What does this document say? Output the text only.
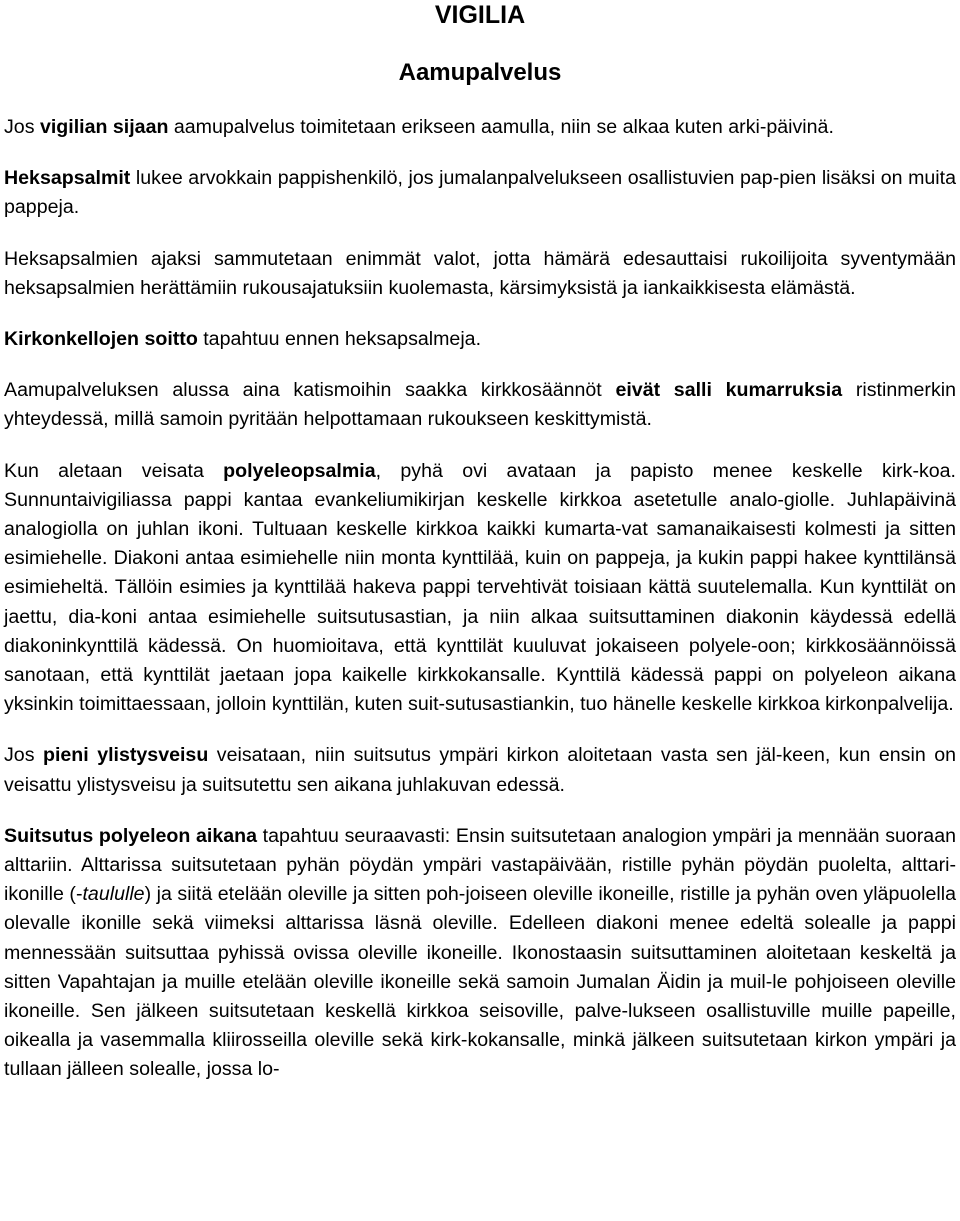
VIGILIA
Aamupalvelus

Jos vigilian sijaan aamupalvelus toimitetaan erikseen aamulla, niin se alkaa kuten arki-päivinä.

Heksapsalmit lukee arvokkain pappishenkilö, jos jumalanpalvelukseen osallistuvien pap-pien lisäksi on muita pappeja.

Heksapsalmien ajaksi sammutetaan enimmät valot, jotta hämärä edesauttaisi rukoilijoita syventymään heksapsalmien herättämiin rukousajatuksiin kuolemasta, kärsimyksistä ja iankaikkisesta elämästä.

Kirkonkellojen soitto tapahtuu ennen heksapsalmeja.

Aamupalveluksen alussa aina katismoihin saakka kirkkosäännöt eivät salli kumarruksia ristinmerkin yhteydessä, millä samoin pyritään helpottamaan rukoukseen keskittymistä.

Kun aletaan veisata polyeleopsalmia, pyhä ovi avataan ja papisto menee keskelle kirk-koa. Sunnuntaivigiliassa pappi kantaa evankeliumikirjan keskelle kirkkoa asetetulle analo-giolle. Juhlapäivinä analogiolla on juhlan ikoni. Tultuaan keskelle kirkkoa kaikki kumarta-vat samanaikaisesti kolmesti ja sitten esimiehelle. Diakoni antaa esimiehelle niin monta kynttilää, kuin on pappeja, ja kukin pappi hakee kynttilänsä esimieheltä. Tällöin esimies ja kynttilää hakeva pappi tervehtivät toisiaan kättä suutelemalla. Kun kynttilät on jaettu, dia-koni antaa esimiehelle suitsutusastian, ja niin alkaa suitsuttaminen diakonin käydessä edellä diakoninkynttilä kädessä. On huomioitava, että kynttilät kuuluvat jokaiseen polyele-oon; kirkkosäännöissä sanotaan, että kynttilät jaetaan jopa kaikelle kirkkokansalle. Kynttilä kädessä pappi on polyeleon aikana yksinkin toimittaessaan, jolloin kynttilän, kuten suit-sutusastiankin, tuo hänelle keskelle kirkkoa kirkonpalvelija.

Jos pieni ylistysveisu veisataan, niin suitsutus ympäri kirkon aloitetaan vasta sen jäl-keen, kun ensin on veisattu ylistysveisu ja suitsutettu sen aikana juhlakuvan edessä.

Suitsutus polyeleon aikana tapahtuu seuraavasti: Ensin suitsutetaan analogion ympäri ja mennään suoraan alttariin. Alttarissa suitsutetaan pyhän pöydän ympäri vastapäivään, ristille pyhän pöydän puolelta, alttari-ikonille (-taululle) ja siitä etelään oleville ja sitten poh-joiseen oleville ikoneille, ristille ja pyhän oven yläpuolella olevalle ikonille sekä viimeksi alttarissa läsnä oleville. Edelleen diakoni menee edeltä solealle ja pappi mennessään suitsuttaa pyhissä ovissa oleville ikoneille. Ikonostaasin suitsuttaminen aloitetaan keskeltä ja sitten Vapahtajan ja muille etelään oleville ikoneille sekä samoin Jumalan Äidin ja muil-le pohjoiseen oleville ikoneille. Sen jälkeen suitsutetaan keskellä kirkkoa seisoville, palve-lukseen osallistuville muille papeille, oikealla ja vasemmalla kliirosseilla oleville sekä kirk-kokansalle, minkä jälkeen suitsutetaan kirkon ympäri ja tullaan jälleen solealle, jossa lo-
